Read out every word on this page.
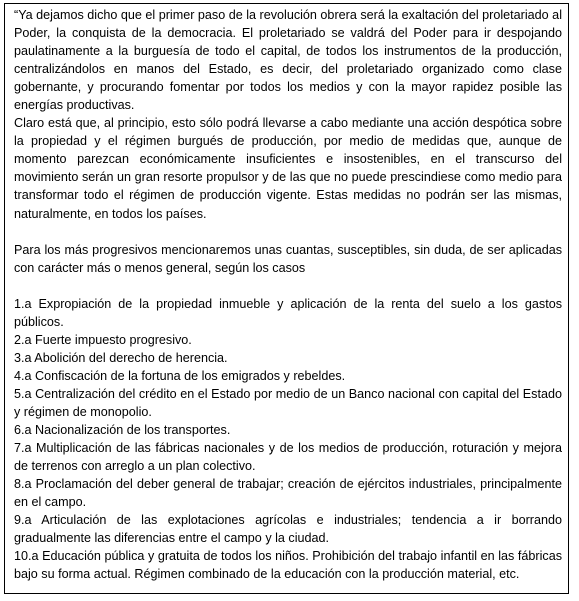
“Ya dejamos dicho que el primer paso de la revolución obrera será la exaltación del proletariado al Poder, la conquista de la democracia. El proletariado se valdrá del Poder para ir despojando paulatinamente a la burguesía de todo el capital, de todos los instrumentos de la producción, centralizándolos en manos del Estado, es decir, del proletariado organizado como clase gobernante, y procurando fomentar por todos los medios y con la mayor rapidez posible las energías productivas.

Claro está que, al principio, esto sólo podrá llevarse a cabo mediante una acción despótica sobre la propiedad y el régimen burgués de producción, por medio de medidas que, aunque de momento parezcan económicamente insuficientes e insostenibles, en el transcurso del movimiento serán un gran resorte propulsor y de las que no puede prescindiese como medio para transformar todo el régimen de producción vigente. Estas medidas no podrán ser las mismas, naturalmente, en todos los países.

Para los más progresivos mencionaremos unas cuantas, susceptibles, sin duda, de ser aplicadas con carácter más o menos general, según los casos

1.a Expropiación de la propiedad inmueble y aplicación de la renta del suelo a los gastos públicos.
2.a Fuerte impuesto progresivo.
3.a Abolición del derecho de herencia.
4.a Confiscación de la fortuna de los emigrados y rebeldes.
5.a Centralización del crédito en el Estado por medio de un Banco nacional con capital del Estado y régimen de monopolio.
6.a Nacionalización de los transportes.
7.a Multiplicación de las fábricas nacionales y de los medios de producción, roturación y mejora de terrenos con arreglo a un plan colectivo.
8.a Proclamación del deber general de trabajar; creación de ejércitos industriales, principalmente en el campo.
9.a Articulación de las explotaciones agrícolas e industriales; tendencia a ir borrando gradualmente las diferencias entre el campo y la ciudad.
10.a Educación pública y gratuita de todos los niños. Prohibición del trabajo infantil en las fábricas bajo su forma actual. Régimen combinado de la educación con la producción material, etc.
